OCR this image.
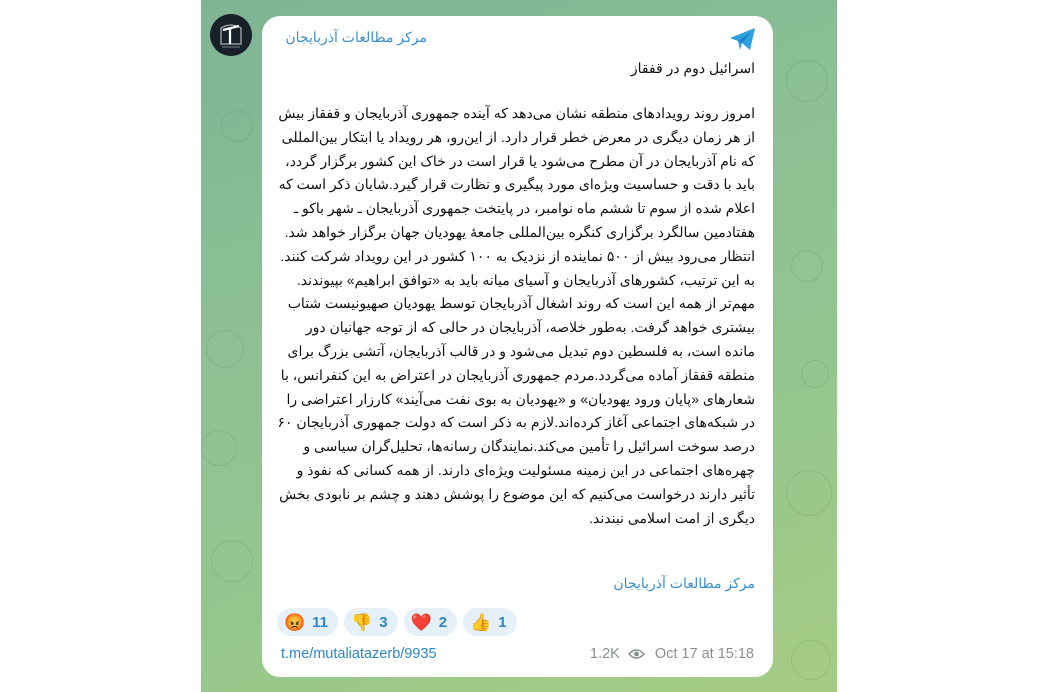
مرکز مطالعات آذربایجان
اسرائیل دوم در قفقاز
امروز روند رویدادهای منطقه نشان می‌دهد که آینده جمهوری آذربایجان و قفقاز بیش از هر زمان دیگری در معرض خطر قرار دارد. از این‌رو، هر رویداد یا ابتکار بین‌المللی که نام آذربایجان در آن مطرح می‌شود یا قرار است در خاک این کشور برگزار گردد، باید با دقت و حساسیت ویژه‌ای مورد پیگیری و نظارت قرار گیرد.شایان ذکر است که اعلام شده از سوم تا ششم ماه نوامبر، در پایتخت جمهوری آذربایجان ـ شهر باکو ـ هفتادمین سالگرد برگزاری کنگره بین‌المللی جامعهٔ یهودیان جهان برگزار خواهد شد. انتظار می‌رود بیش از ۵۰۰ نماینده از نزدیک به ۱۰۰ کشور در این رویداد شرکت کنند. به این ترتیب، کشورهای آذربایجان و آسیای میانه باید به «توافق ابراهیم» بپیوندند. مهم‌تر از همه این است که روند اشغال آذربایجان توسط یهودیان صهیونیست شتاب بیشتری خواهد گرفت. به‌طور خلاصه، آذربایجان در حالی که از توجه جهانیان دور مانده است، به فلسطین دوم تبدیل می‌شود و در قالب آذربایجان، آتشی بزرگ برای منطقه قفقاز آماده می‌گردد.مردم جمهوری آذربایجان در اعتراض به این کنفرانس، با شعارهای «پایان ورود یهودیان» و «یهودیان به بوی نفت می‌آیند» کارزار اعتراضی را در شبکه‌های اجتماعی آغاز کرده‌اند.لازم به ذکر است که دولت جمهوری آذربایجان ۶۰ درصد سوخت اسرائیل را تأمین می‌کند.نمایندگان رسانه‌ها، تحلیل‌گران سیاسی و چهره‌های اجتماعی در این زمینه مسئولیت ویژه‌ای دارند. از همه کسانی که نفوذ و تأثیر دارند درخواست می‌کنیم که این موضوع را پوشش دهند و چشم بر نابودی بخش دیگری از امت اسلامی نبندند.
مرکز مطالعات آذربایجان
😡 11 👎 3 ❤️ 2 👍 1
t.me/mutaliatazerb/9935	1.2K Oct 17 at 15:18
